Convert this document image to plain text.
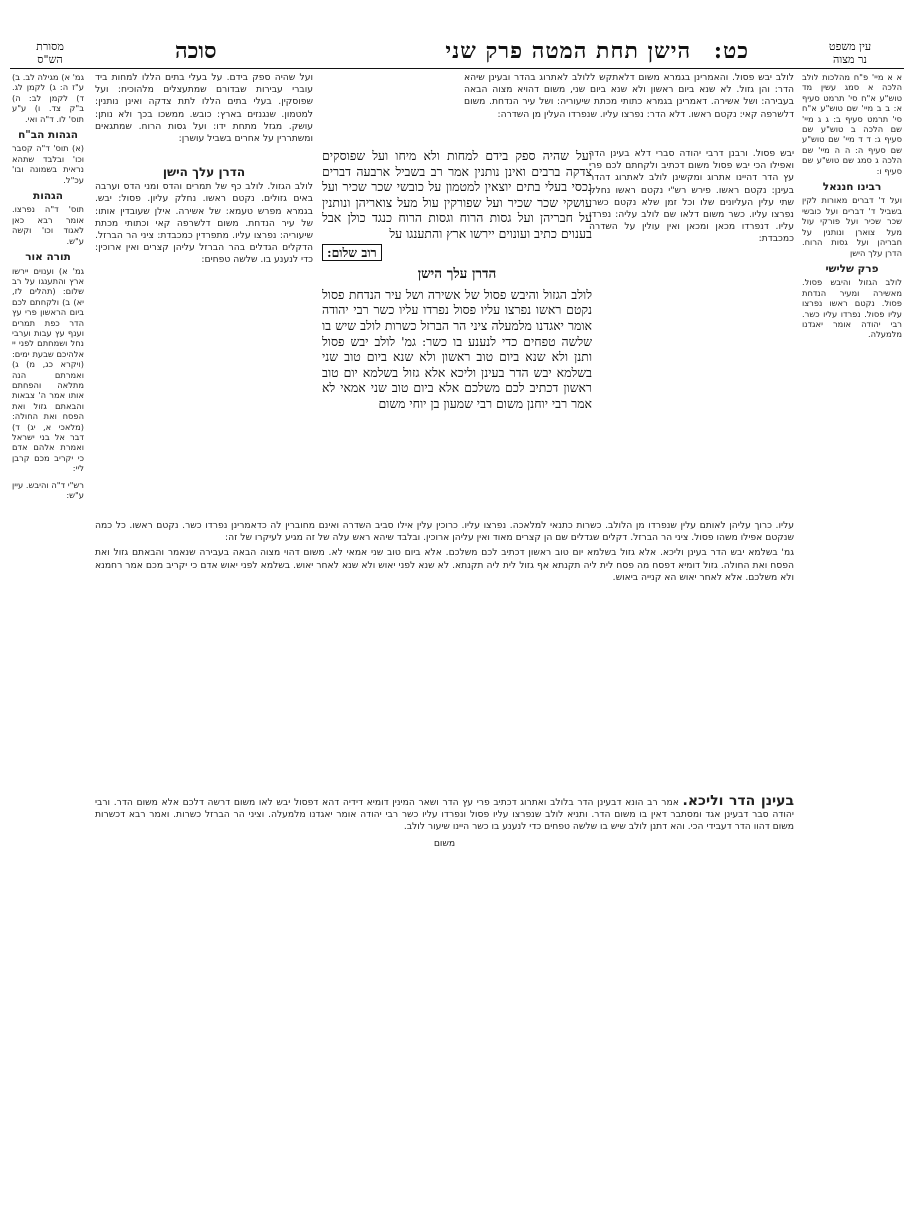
כט: הישן תחת המטה פרק שני
סוכה	עין משפט
נר מצוה
מסורת
הש"ס

א א מיי' פ"ח מהלכות לולב הלכה א סמג עשין מד טוש"ע א"ח סי' תרמט סעיף א: ב ב מיי' שם טוש"ע א"ח סי' תרמט סעיף ב: ג ג מיי' שם הלכה ב טוש"ע שם סעיף ג: ד ד מיי' שם טוש"ע שם סעיף ה: ה ה מיי' שם הלכה ג סמג שם טוש"ע שם סעיף ו:

רבינו חננאל

ועל ד' דברים מאורות לקין בשביל ד' דברים ועל כובשי שכר שכיר ועל פורקי עול מעל צוארן ונותנין על חבריהן ועל גסות הרוח. הדרן עלך הישן

פרק שלישי

לולב הגזול והיבש פסול. מאשירה ומעיר הנדחת פסול. נקטם ראשו נפרצו עליו פסול. נפרדו עליו כשר. רבי יהודה אומר יאגדנו מלמעלה.

גמ' א) מגילה לב. ב) ע"ז ה: ג) לקמן לג. ד) לקמן לב: ה) ב"ק צד. ו) ע"ע תוס' לו. ד"ה ואי.

הגהות הב"ח

(א) תוס' ד"ה קסבר וכו' ובלבד שתהא נראית בשמונה ובו' עכ"ל.

הגהות

תוס' ד"ה נפרצו. אומר רבא כאן לאגוד וכו' וקשה ע"ש.

תורה אור

גמ' א) וענוים יירשו ארץ והתענגו על רב שלום: (תהלים לז, יא) ב) ולקחתם לכם ביום הראשון פרי עץ הדר כפת תמרים וענף עץ עבות וערבי נחל ושמחתם לפני יי אלהיכם שבעת ימים: (ויקרא כג, מ) ג) ואמרתם הנה מתלאה והפחתם אותו אמר ה' צבאות והבאתם גזול ואת הפסח ואת החולה: (מלאכי א, יג) ד) דבר אל בני ישראל ואמרת אלהם אדם כי יקריב מכם קרבן ליי:

רש"י ד"ה והיבש. עיין ע"ש:

לולב יבש פסול. והאמרינן בגמרא משום דלאתקש ללולב לאתרוג בהדר ובעינן שיהא הדר: והן גזול. לא שנא ביום ראשון ולא שנא ביום שני, משום דהויא מצוה הבאה בעבירה: ושל אשירה. דאמרינן בגמרא כתותי מכתת שיעוריה: ושל עיר הנדחת. משום דלשרפה קאי: נקטם ראשו. דלא הדר: נפרצו עליו. שנפרדו העלין מן השדרה:

ועל שהיה ספק בידם. על בעלי בתים הללו למחות ביד עוברי עבירות שבדורם שמתעצלים מלהוכיח: ועל שפוסקין. בעלי בתים הללו לתת צדקה ואינן נותנין: למטמון. שנגנזים בארץ: כובש. ממשכו בכך ולא נותן: עושק. מגזל מתחת ידו: ועל גסות הרוח. שמתגאים ומשתררין על אחרים בשביל עושרן:

ועל שהיה ספק בידם למחות ולא מיחו ועל שפוסקים צדקה ברבים ואינן נותנין אמר רב בשביל ארבעה דברים נכסי בעלי בתים יוצאין למטמון על כובשי שכר שכיר ועל עושקי שכר שכיר ועל שפורקין עול מעל צואריהן ונותנין על חבריהן ועל גסות הרוח וגסות הרוח כנגד כולן אבל בענוים כתיב ועונוים יירשו ארץ והתענגו על

רוב שלום:

הדרן עלך הישן

לולב הגזול והיבש פסול של אשירה ושל עיר הנדחת פסול נקטם ראשו נפרצו עליו פסול נפרדו עליו כשר רבי יהודה אומר יאגדנו מלמעלה ציני הר הברזל כשרות לולב שיש בו שלשה טפחים כדי לנענע בו כשר: גמ' לולב יבש פסול ותנן ולא שנא ביום טוב ראשון ולא שנא ביום טוב שני בשלמא יבש הדר בעינן וליכא אלא גזול בשלמא יום טוב ראשון דכתיב לכם משלכם אלא ביום טוב שני אמאי לא אמר רבי יוחנן משום רבי שמעון בן יוחי משום

יבש פסול. ורבנן דרבי יהודה סברי דלא בעינן הדר ואפילו הכי יבש פסול משום דכתיב ולקחתם לכם פרי עץ הדר דהיינו אתרוג ומקשינן לולב לאתרוג דהדר בעינן: נקטם ראשו. פירש רש"י נקטם ראשו נחלק שתי עלין העליונים שלו וכל זמן שלא נקטם כשר: נפרצו עליו. כשר משום דלאו שם לולב עליה: נפרדו עליו. דנפרדו מכאן ומכאן ואין עולין על השדרה כמכבדת:

הדרן עלך הישן

לולב הגזול. לולב כף של תמרים והדס ומני הדס וערבה באים גזולים. נקטם ראשו. נחלק עליון. פסול: יבש. בגמרא מפרש טעמא: של אשירה. אילן שעובדין אותו: של עיר הנדחת. משום דלשרפה קאי וכתותי מכתת שיעוריה: נפרצו עליו. מתפרדין כמכבדת: ציני הר הברזל. הדקלים הגדלים בהר הברזל עליהן קצרים ואין ארוכין: כדי לנענע בו. שלשה טפחים:

עליו. כרוך עליהן לאותם עלין שנפרדו מן הלולב. כשרות כתנאי למלאכה. נפרצו עליו. כרוכין עלין אילו סביב השדרה ואינם מחוברין לה כדאמרינן נפרדו כשר. נקטם ראשו. כל כמה שנקטם אפילו משהו פסול. ציני הר הברזל. דקלים שגדלים שם הן קצרים מאוד ואין עליהן ארוכין. ובלבד שיהא ראש עלה של זה מגיע לעיקרו של זה:

גמ' בשלמא יבש הדר בעינן וליכא. אלא גזול בשלמא יום טוב ראשון דכתיב לכם משלכם. אלא ביום טוב שני אמאי לא. משום דהוי מצוה הבאה בעבירה שנאמר והבאתם גזול ואת הפסח ואת החולה. גזול דומיא דפסח מה פסח לית ליה תקנתא אף גזול לית ליה תקנתא. לא שנא לפני יאוש ולא שנא לאחר יאוש. בשלמא לפני יאוש אדם כי יקריב מכם אמר רחמנא ולא משלכם. אלא לאחר יאוש הא קנייה ביאוש.

בעינן הדר וליכא. אמר רב הונא דבעינן הדר בלולב ואתרוג דכתיב פרי עץ הדר ושאר המינין דומיא דידיה דהא דפסול יבש לאו משום דרשה דלכם אלא משום הדר. ורבי יהודה סבר דבעינן אגד ומסתבר דאין בו משום הדר. ותניא לולב שנפרצו עליו פסול ונפרדו עליו כשר רבי יהודה אומר יאגדנו מלמעלה. וציני הר הברזל כשרות. ואמר רבא דכשרות משום דהוו הדר דעבידי הכי. והא דתנן לולב שיש בו שלשה טפחים כדי לנענע בו כשר היינו שיעור לולב.

משום
